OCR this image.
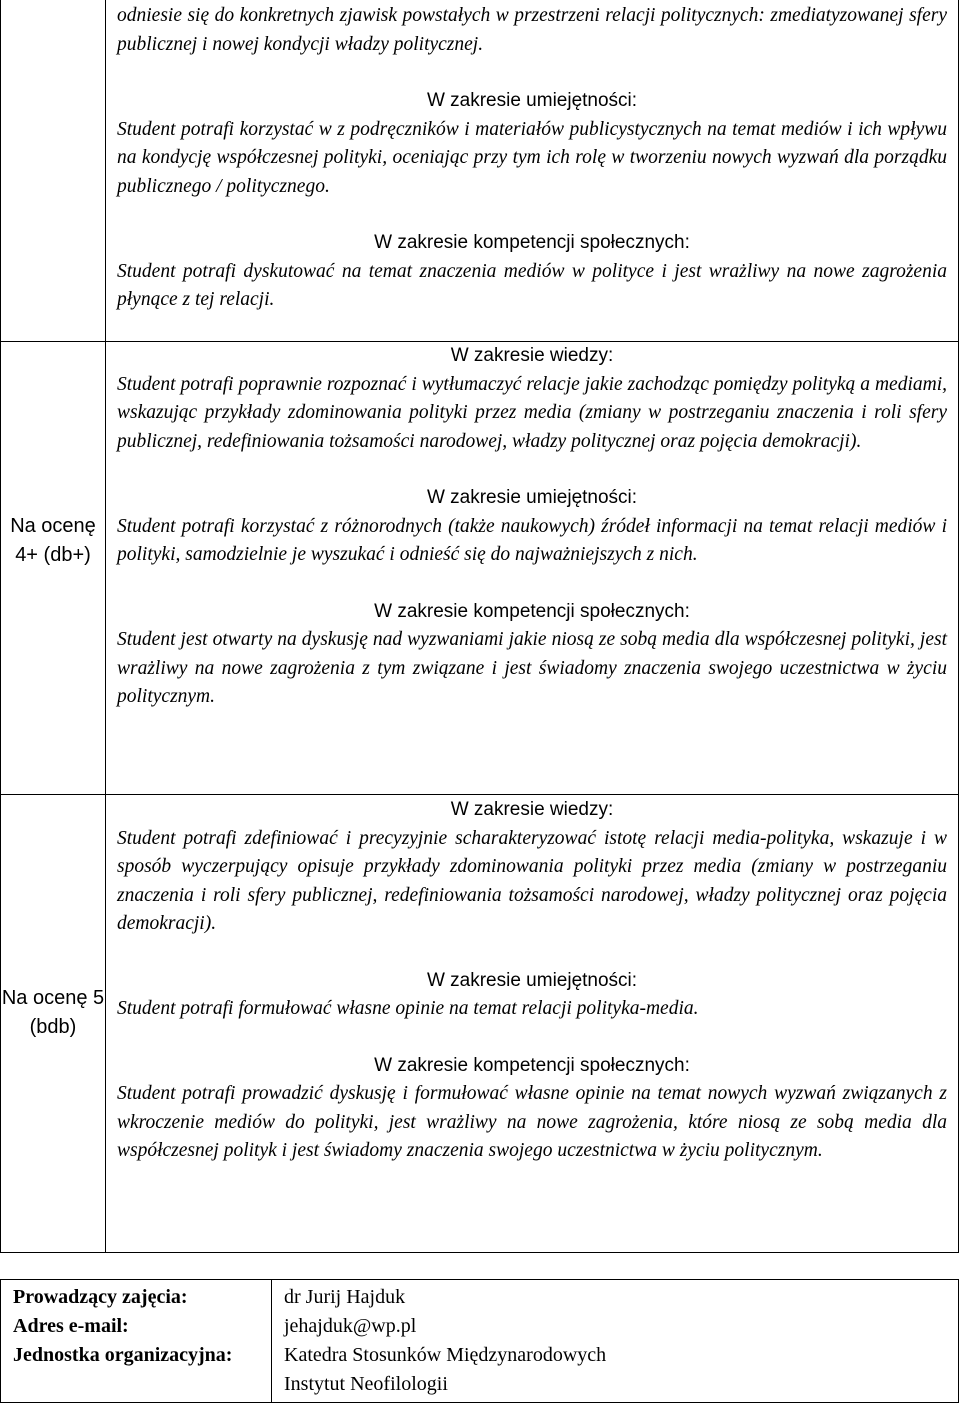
odniesie się do konkretnych zjawisk powstałych w przestrzeni relacji politycznych: zmediatyzowanej sfery publicznej i nowej kondycji władzy politycznej.

W zakresie umiejętności:

Student potrafi korzystać w z podręczników i materiałów publicystycznych na temat mediów i ich wpływu na kondycję współczesnej polityki, oceniając przy tym ich rolę w tworzeniu nowych wyzwań dla porządku publicznego / politycznego.

W zakresie kompetencji społecznych:

Student potrafi dyskutować na temat znaczenia mediów w polityce i jest wrażliwy na nowe zagrożenia płynące z tej relacji.

Na ocenę 4+ (db+)

W zakresie wiedzy:

Student potrafi poprawnie rozpoznać i wytłumaczyć relacje jakie zachodząc pomiędzy polityką a mediami, wskazując przykłady zdominowania polityki przez media (zmiany w postrzeganiu znaczenia i roli sfery publicznej, redefiniowania tożsamości narodowej, władzy politycznej oraz pojęcia demokracji).

W zakresie umiejętności:

Student potrafi korzystać z różnorodnych (także naukowych) źródeł informacji na temat relacji mediów i polityki, samodzielnie je wyszukać i odnieść się do najważniejszych z nich.

W zakresie kompetencji społecznych:

Student jest otwarty na dyskusję nad wyzwaniami jakie niosą ze sobą media dla współczesnej polityki, jest wrażliwy na nowe zagrożenia z tym związane i jest świadomy znaczenia swojego uczestnictwa w życiu politycznym.

Na ocenę 5 (bdb)

W zakresie wiedzy:

Student potrafi zdefiniować i precyzyjnie scharakteryzować istotę relacji media-polityka, wskazuje i w sposób wyczerpujący opisuje przykłady zdominowania polityki przez media (zmiany w postrzeganiu znaczenia i roli sfery publicznej, redefiniowania tożsamości narodowej, władzy politycznej oraz pojęcia demokracji).

W zakresie umiejętności:

Student potrafi formułować własne opinie na temat relacji polityka-media.

W zakresie kompetencji społecznych:

Student potrafi prowadzić dyskusję i formułować własne opinie na temat nowych wyzwań związanych z wkroczenie mediów do polityki, jest wrażliwy na nowe zagrożenia, które niosą ze sobą media dla współczesnej polityk i jest świadomy znaczenia swojego uczestnictwa w życiu politycznym.

Prowadzący zajęcia:
Adres e-mail:
Jednostka organizacyjna:
dr Jurij Hajduk
jehajduk@wp.pl
Katedra Stosunków Międzynarodowych
Instytut Neofilologii
